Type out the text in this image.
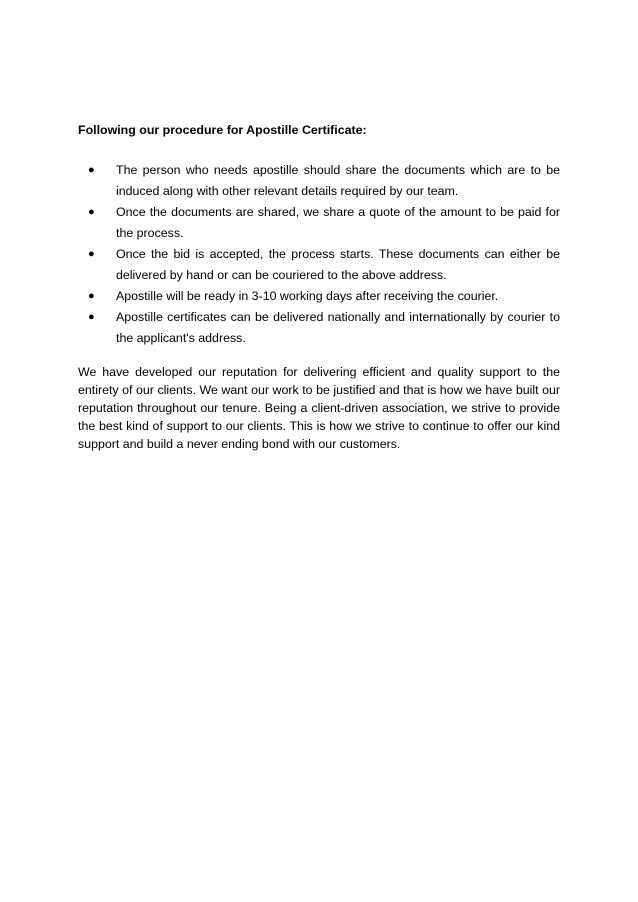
Following our procedure for Apostille Certificate:

● The person who needs apostille should share the documents which are to be induced along with other relevant details required by our team.
● Once the documents are shared, we share a quote of the amount to be paid for the process.
● Once the bid is accepted, the process starts. These documents can either be delivered by hand or can be couriered to the above address.
● Apostille will be ready in 3-10 working days after receiving the courier.
● Apostille certificates can be delivered nationally and internationally by courier to the applicant's address.

We have developed our reputation for delivering efficient and quality support to the entirety of our clients. We want our work to be justified and that is how we have built our reputation throughout our tenure. Being a client-driven association, we strive to provide the best kind of support to our clients. This is how we strive to continue to offer our kind support and build a never ending bond with our customers.
